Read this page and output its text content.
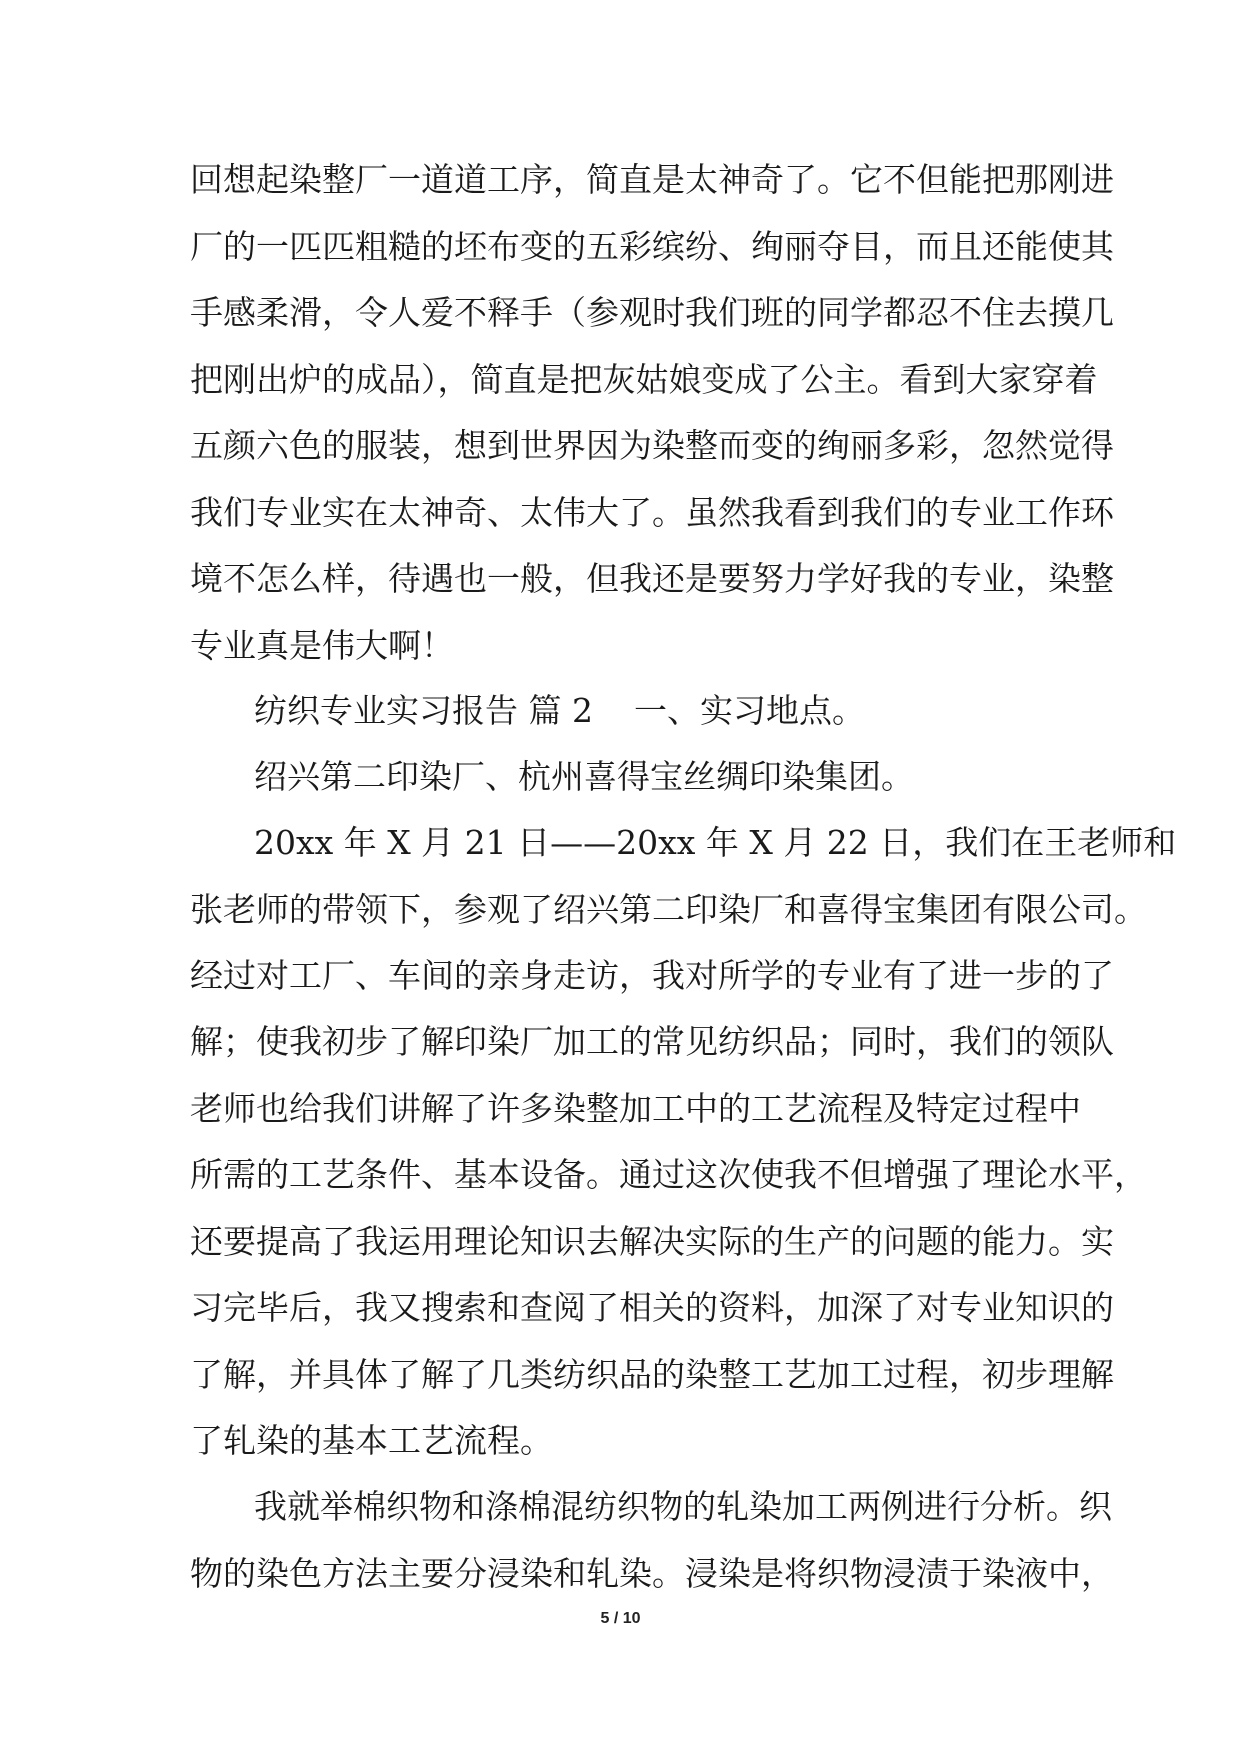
回想起染整厂一道道工序，简直是太神奇了。它不但能把那刚进
厂的一匹匹粗糙的坯布变的五彩缤纷、绚丽夺目，而且还能使其
手感柔滑，令人爱不释手（参观时我们班的同学都忍不住去摸几
把刚出炉的成品），简直是把灰姑娘变成了公主。看到大家穿着
五颜六色的服装，想到世界因为染整而变的绚丽多彩，忽然觉得
我们专业实在太神奇、太伟大了。虽然我看到我们的专业工作环
境不怎么样，待遇也一般，但我还是要努力学好我的专业，染整
专业真是伟大啊！
纺织专业实习报告 篇 2 一、实习地点。
绍兴第二印染厂、杭州喜得宝丝绸印染集团。
20xx 年 X 月 21 日——20xx 年 X 月 22 日，我们在王老师和
张老师的带领下，参观了绍兴第二印染厂和喜得宝集团有限公司。
经过对工厂、车间的亲身走访，我对所学的专业有了进一步的了
解；使我初步了解印染厂加工的常见纺织品；同时，我们的领队
老师也给我们讲解了许多染整加工中的工艺流程及特定过程中
所需的工艺条件、基本设备。通过这次使我不但增强了理论水平，
还要提高了我运用理论知识去解决实际的生产的问题的能力。实
习完毕后，我又搜索和查阅了相关的资料，加深了对专业知识的
了解，并具体了解了几类纺织品的染整工艺加工过程，初步理解
了轧染的基本工艺流程。
我就举棉织物和涤棉混纺织物的轧染加工两例进行分析。织
物的染色方法主要分浸染和轧染。浸染是将织物浸渍于染液中，
5 / 10
